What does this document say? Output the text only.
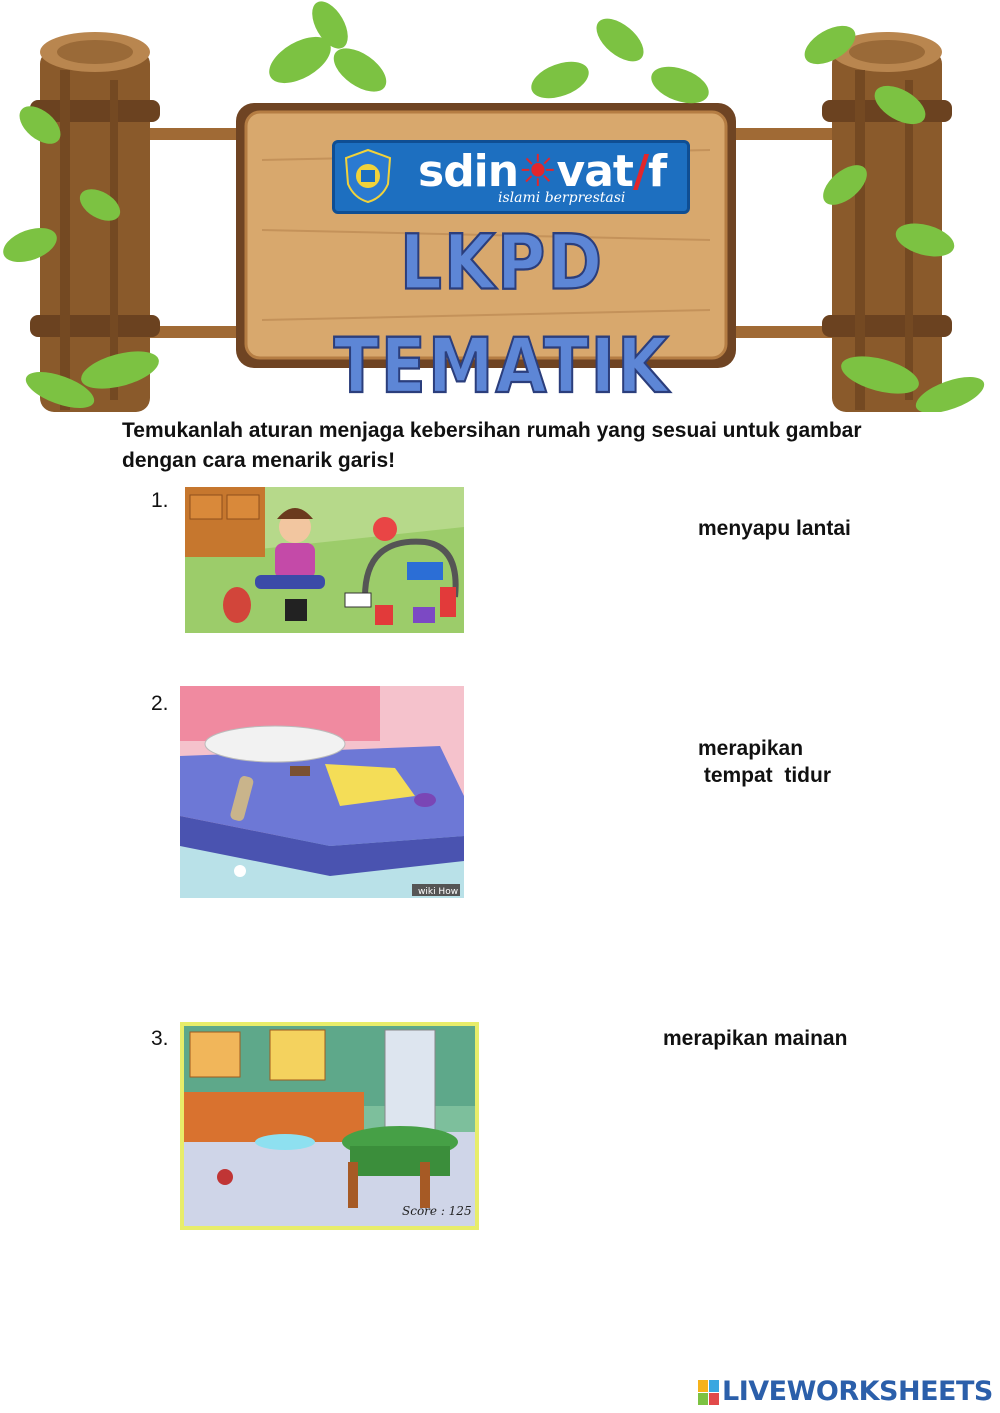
sdin☀vat/f
islami berprestasi
LKPD TEMATIK
Temukanlah aturan menjaga kebersihan rumah yang sesuai untuk gambar dengan cara menarik garis!
1.
menyapu lantai
2.
wiki How
merapikan
tempat  tidur
3.
Score : 125
merapikan mainan
LIVEWORKSHEETS
